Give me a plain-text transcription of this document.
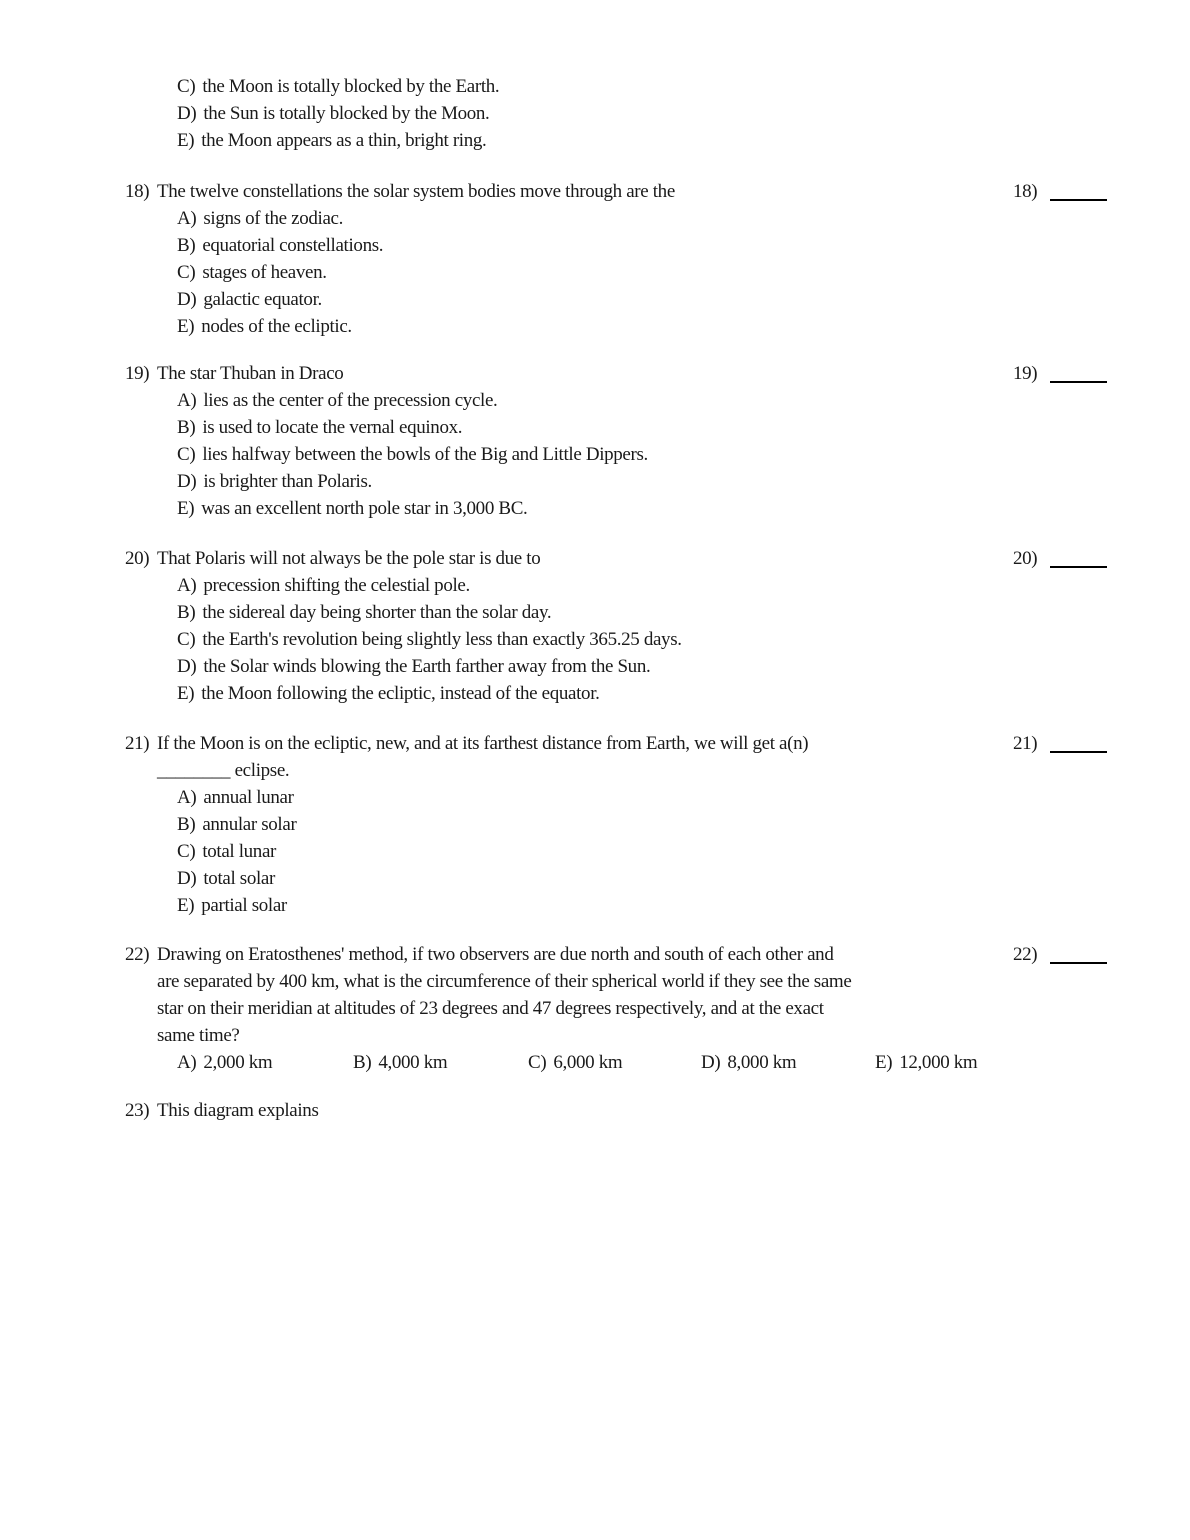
C) the Moon is totally blocked by the Earth.
D) the Sun is totally blocked by the Moon.
E) the Moon appears as a thin, bright ring.
18) The twelve constellations the solar system bodies move through are the	18)
A) signs of the zodiac.
B) equatorial constellations.
C) stages of heaven.
D) galactic equator.
E) nodes of the ecliptic.
19) The star Thuban in Draco	19)
A) lies as the center of the precession cycle.
B) is used to locate the vernal equinox.
C) lies halfway between the bowls of the Big and Little Dippers.
D) is brighter than Polaris.
E) was an excellent north pole star in 3,000 BC.
20) That Polaris will not always be the pole star is due to	20)
A) precession shifting the celestial pole.
B) the sidereal day being shorter than the solar day.
C) the Earth's revolution being slightly less than exactly 365.25 days.
D) the Solar winds blowing the Earth farther away from the Sun.
E) the Moon following the ecliptic, instead of the equator.
21) If the Moon is on the ecliptic, new, and at its farthest distance from Earth, we will get a(n)	21)
________ eclipse.
A) annual lunar
B) annular solar
C) total lunar
D) total solar
E) partial solar
22) Drawing on Eratosthenes' method, if two observers are due north and south of each other and	22)
are separated by 400 km, what is the circumference of their spherical world if they see the same
star on their meridian at altitudes of 23 degrees and 47 degrees respectively, and at the exact
same time?
A) 2,000 km	B) 4,000 km	C) 6,000 km	D) 8,000 km	E) 12,000 km
23) This diagram explains
